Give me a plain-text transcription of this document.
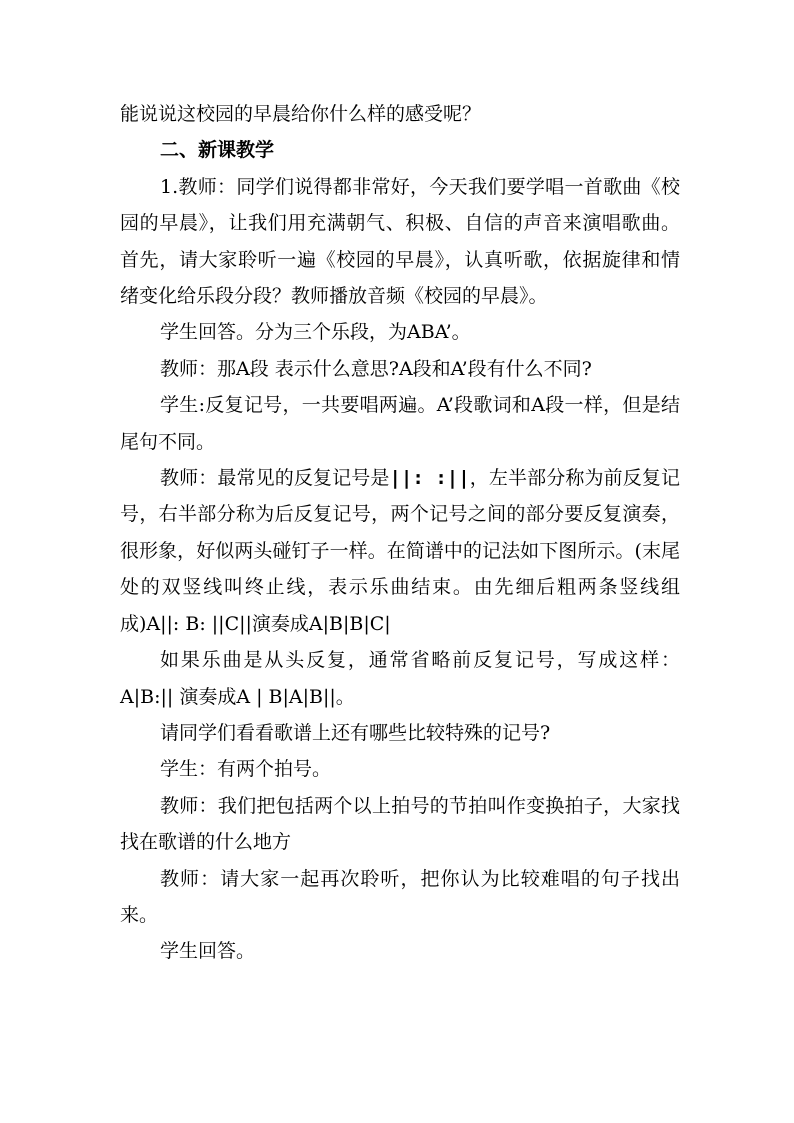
能说说这校园的早晨给你什么样的感受呢？

二、新课教学

1.教师：同学们说得都非常好，今天我们要学唱一首歌曲《校园的早晨》，让我们用充满朝气、积极、自信的声音来演唱歌曲。首先，请大家聆听一遍《校园的早晨》，认真听歌，依据旋律和情绪变化给乐段分段？教师播放音频《校园的早晨》。

学生回答。分为三个乐段，为ABA’。

教师：那A段 表示什么意思?A段和A’段有什么不同?

学生:反复记号，一共要唱两遍。A’段歌词和A段一样，但是结尾句不同。

教师：最常见的反复记号是||: :||，左半部分称为前反复记号，右半部分称为后反复记号，两个记号之间的部分要反复演奏，很形象，好似两头碰钉子一样。在简谱中的记法如下图所示。(末尾处的双竖线叫终止线，表示乐曲结束。由先细后粗两条竖线组成)A||: B: ||C||演奏成A|B|B|C|

如果乐曲是从头反复，通常省略前反复记号，写成这样：A|B:|| 演奏成A | B|A|B||。

请同学们看看歌谱上还有哪些比较特殊的记号?

学生：有两个拍号。

教师：我们把包括两个以上拍号的节拍叫作变换拍子，大家找找在歌谱的什么地方

教师：请大家一起再次聆听，把你认为比较难唱的句子找出来。

学生回答。
